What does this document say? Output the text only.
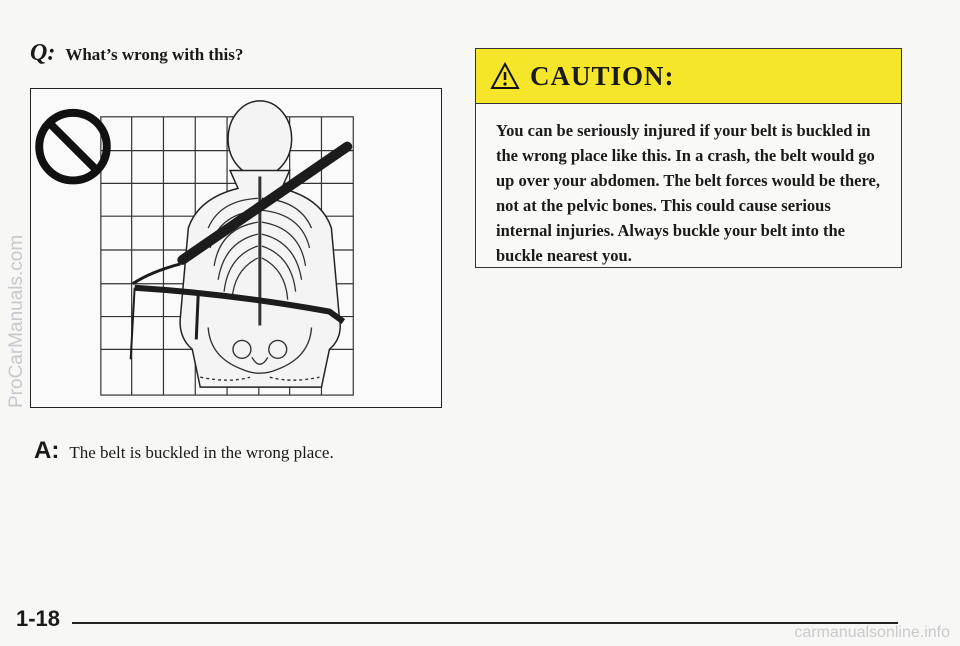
Q: What’s wrong with this?
A: The belt is buckled in the wrong place.
CAUTION:
You can be seriously injured if your belt is buckled in the wrong place like this. In a crash, the belt would go up over your abdomen. The belt forces would be there, not at the pelvic bones. This could cause serious internal injuries. Always buckle your belt into the buckle nearest you.
1-18
ProCarManuals.com
carmanualsonline.info
